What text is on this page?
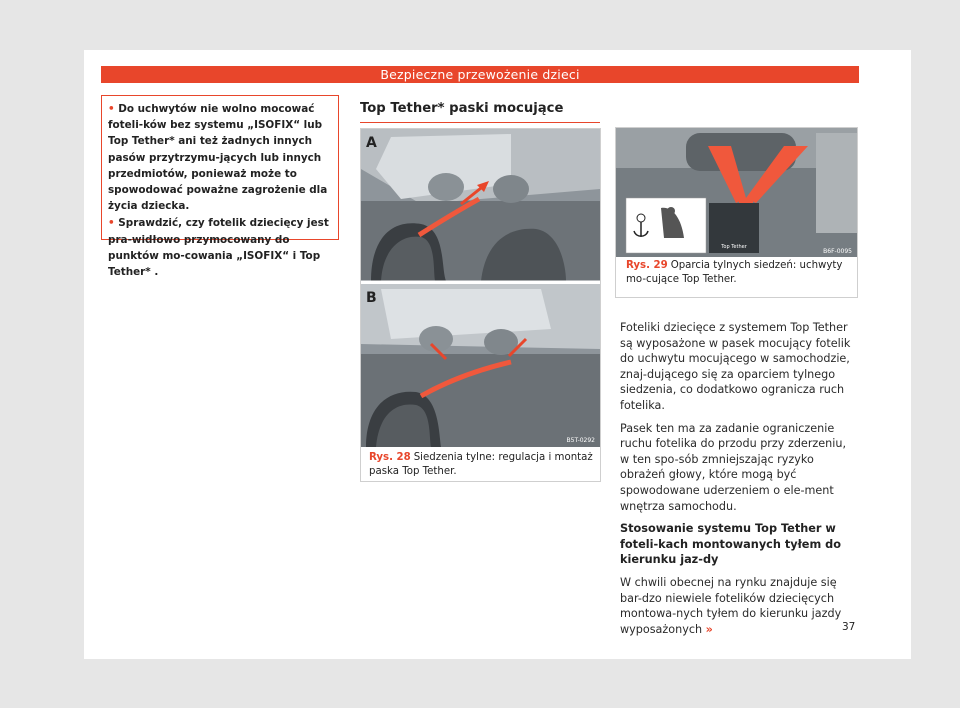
Bezpieczne przewożenie dzieci

• Do uchwytów nie wolno mocować foteli-ków bez systemu „ISOFIX“ lub Top Tether* ani też żadnych innych pasów przytrzymu-jących lub innych przedmiotów, ponieważ może to spowodować poważne zagrożenie dla życia dziecka.

• Sprawdzić, czy fotelik dziecięcy jest pra-widłowo przymocowany do punktów mo-cowania „ISOFIX“ i Top Tether* .

Top Tether* paski mocujące
A
B
B5T-0292
Rys. 28 Siedzenia tylne: regulacja i montaż paska Top Tether.
Top Tether
B6F-0095
Rys. 29 Oparcia tylnych siedzeń: uchwyty mo-cujące Top Tether.

Foteliki dziecięce z systemem Top Tether są wyposażone w pasek mocujący fotelik do uchwytu mocującego w samochodzie, znaj-dującego się za oparciem tylnego siedzenia, co dodatkowo ogranicza ruch fotelika.

Pasek ten ma za zadanie ograniczenie ruchu fotelika do przodu przy zderzeniu, w ten spo-sób zmniejszając ryzyko obrażeń głowy, które mogą być spowodowane uderzeniem o ele-ment wnętrza samochodu.

Stosowanie systemu Top Tether w foteli-kach montowanych tyłem do kierunku jaz-dy

W chwili obecnej na rynku znajduje się bar-dzo niewiele fotelików dziecięcych montowa-nych tyłem do kierunku jazdy wyposażonych »	37
